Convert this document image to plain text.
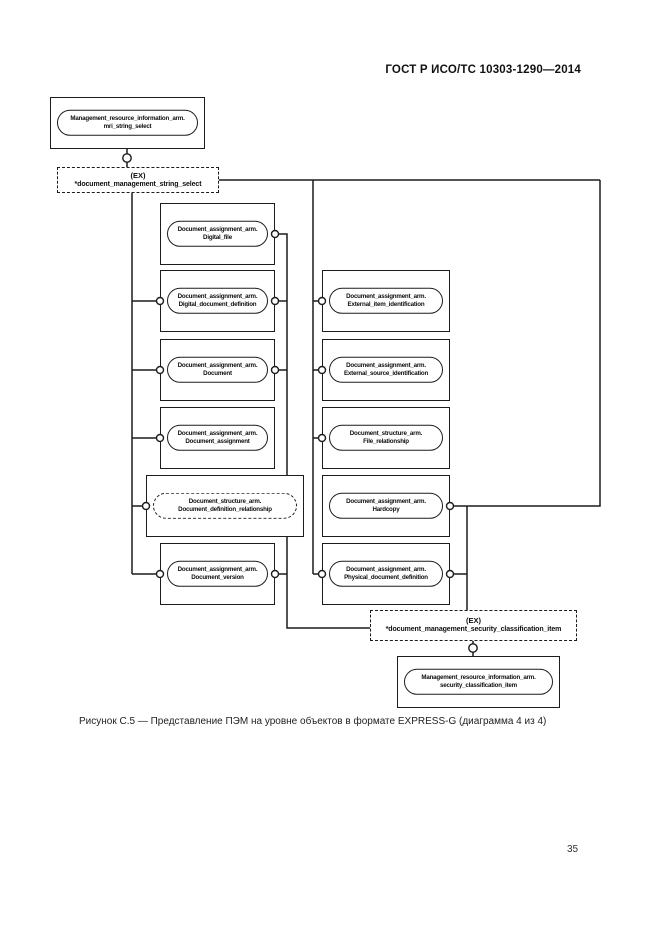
ГОСТ Р ИСО/ТС 10303-1290—2014
Management_resource_information_arm.
mri_string_select
(EX)
*document_management_string_select
Document_assignment_arm.
Digital_file
Document_assignment_arm.
Digital_document_definition
Document_assignment_arm.
Document
Document_assignment_arm.
Document_assignment
Document_structure_arm.
Document_definition_relationship
Document_assignment_arm.
Document_version
Document_assignment_arm.
External_item_identification
Document_assignment_arm.
External_source_identification
Document_structure_arm.
File_relationship
Document_assignment_arm.
Hardcopy
Document_assignment_arm.
Physical_document_definition
(EX)
*document_management_security_classification_item
Management_resource_information_arm.
security_classification_item
Рисунок С.5 — Представление ПЭМ на уровне объектов в формате EXPRESS-G (диаграмма 4 из 4)
35
